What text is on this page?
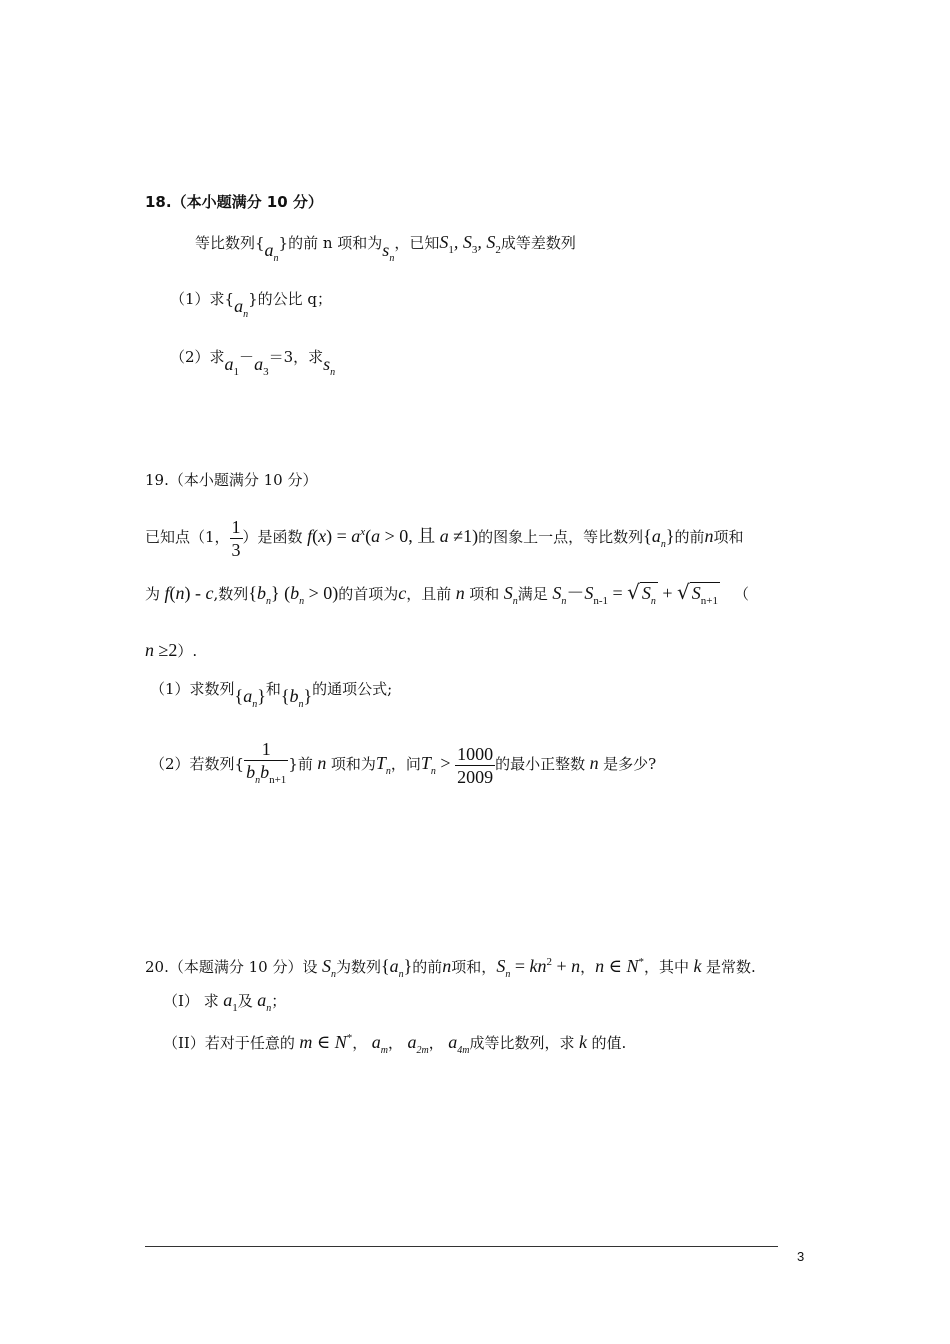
18.（本小题满分 10 分）
等比数列$\{a_n\}$的前 n 项和为$s_n$，已知$S_1$, $S_3$, $S_2$成等差数列
（1）求$\{a_n\}$的公比 q；
（2）求$a_1-a_3=3$，求$s_n$
19.（本小题满分 10 分）
已知点（1， $\frac{1}{3}$ ）是函数 $f(x) = a^x(a > 0$, 且 a ≠1)的图象上一点，等比数列$\{a_n\}$的前n项和
为 f(n) - c,数列$\{b_n\} (b_n > 0)$的首项为c，且前 n 项和 $S_n$满足 $S_n-S_{n-1}$ = √ $S_n$ + √ $S_{n+1}$ （
n ≥2）.
（1）求数列$\{a_n\}$和$\{b_n\}$的通项公式;
（2）若数列{ $\frac{1}{b_nb_{n+1}}$ }前 n 项和为$T_n$，问$T_n > \frac{1000}{2009}$ 的最小正整数 n 是多少?
20.（本题满分 10 分）设 $S_n$为数列$\{a_n\}$的前n项和，$S_n = kn^2 + n$，n ∈ N*，其中 k 是常数.
（I） 求 $a_1$及 $a_n$；
（II）若对于任意的 m ∈ N*， $a_m$， $a_{2m}$， $a_{4m}$成等比数列，求 k 的值.
3
